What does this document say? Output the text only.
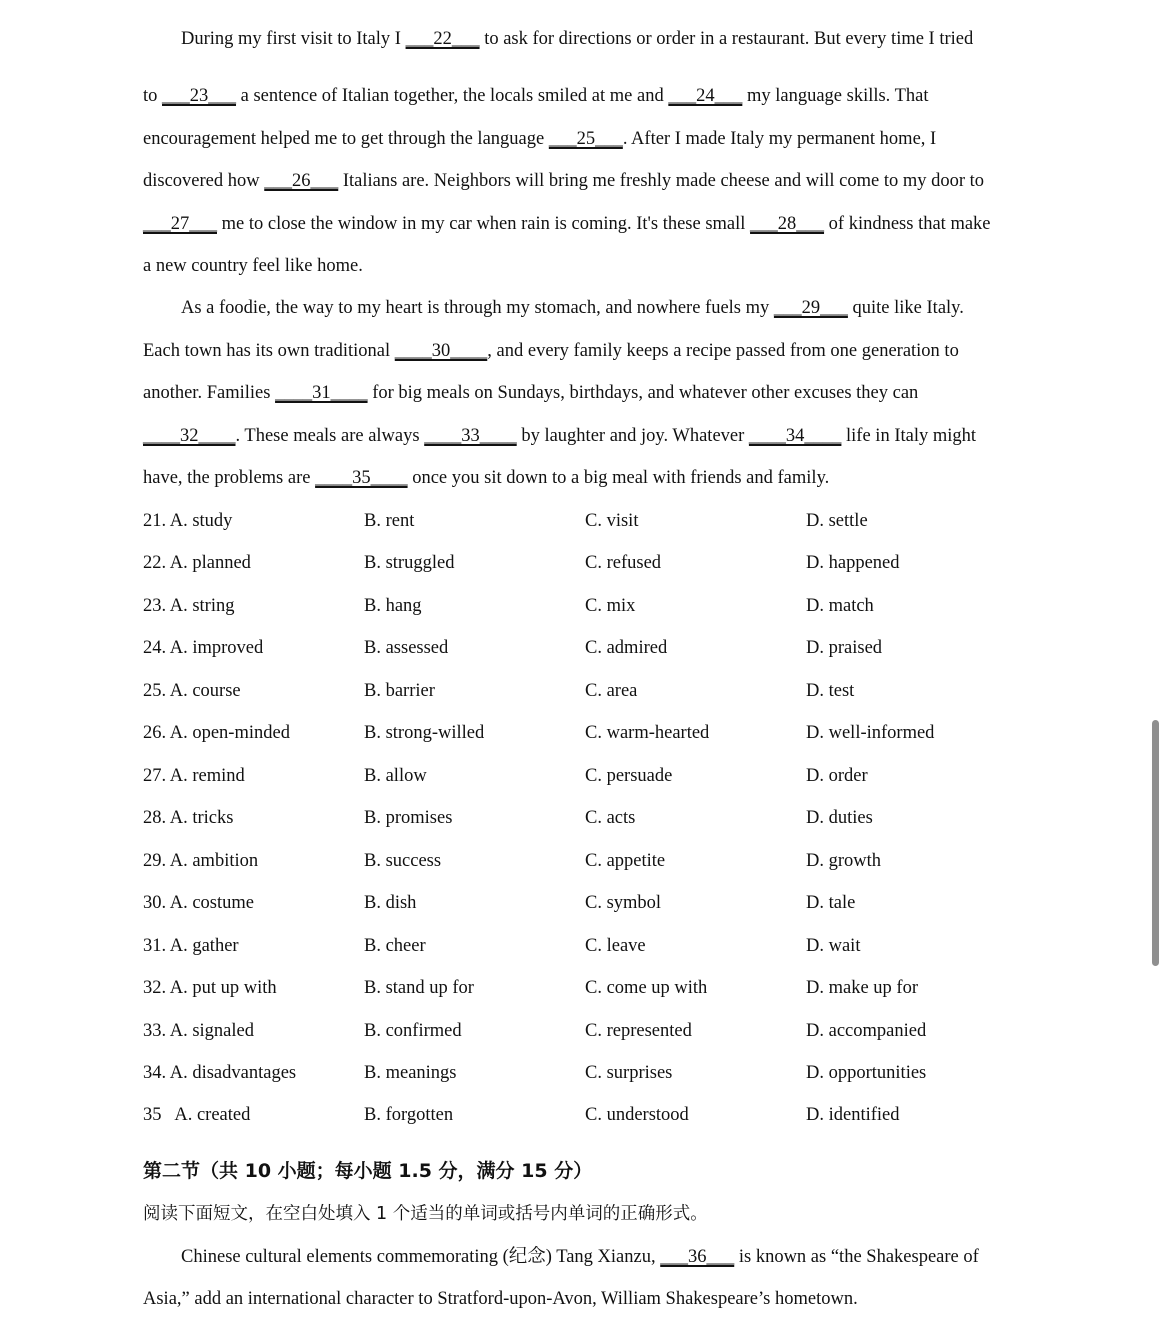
During my first visit to Italy I ___22___ to ask for directions or order in a restaurant. But every time I tried
to ___23___ a sentence of Italian together, the locals smiled at me and ___24___ my language skills. That
encouragement helped me to get through the language ___25___. After I made Italy my permanent home, I
discovered how ___26___ Italians are. Neighbors will bring me freshly made cheese and will come to my door to
___27___ me to close the window in my car when rain is coming. It's these small ___28___ of kindness that make
a new country feel like home.
As a foodie, the way to my heart is through my stomach, and nowhere fuels my ___29___ quite like Italy.
Each town has its own traditional ____30____, and every family keeps a recipe passed from one generation to
another. Families ____31____ for big meals on Sundays, birthdays, and whatever other excuses they can
____32____. These meals are always ____33____ by laughter and joy. Whatever ____34____ life in Italy might
have, the problems are ____35____ once you sit down to a big meal with friends and family.
21. A. study	B. rent	C. visit	D. settle
22. A. planned	B. struggled	C. refused	D. happened
23. A. string	B. hang	C. mix	D. match
24. A. improved	B. assessed	C. admired	D. praised
25. A. course	B. barrier	C. area	D. test
26. A. open-minded	B. strong-willed	C. warm-hearted	D. well-informed
27. A. remind	B. allow	C. persuade	D. order
28. A. tricks	B. promises	C. acts	D. duties
29. A. ambition	B. success	C. appetite	D. growth
30. A. costume	B. dish	C. symbol	D. tale
31. A. gather	B. cheer	C. leave	D. wait
32. A. put up with	B. stand up for	C. come up with	D. make up for
33. A. signaled	B. confirmed	C. represented	D. accompanied
34. A. disadvantages	B. meanings	C. surprises	D. opportunities
35   A. created	B. forgotten	C. understood	D. identified
第二节（共 10 小题；每小题 1.5 分，满分 15 分）
阅读下面短文，在空白处填入 1 个适当的单词或括号内单词的正确形式。
Chinese cultural elements commemorating (纪念) Tang Xianzu, ___36___ is known as “the Shakespeare of
Asia,” add an international character to Stratford-upon-Avon, William Shakespeare’s hometown.
